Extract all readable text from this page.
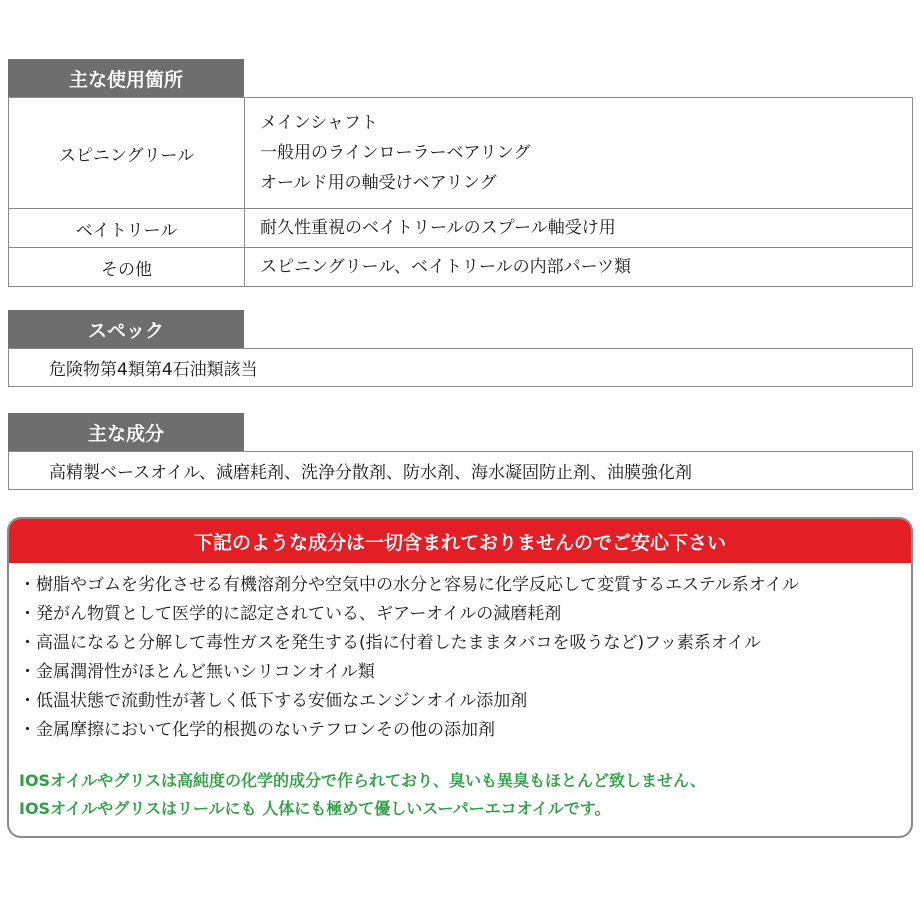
主な使用箇所
スピニングリール	メインシャフト
一般用のラインローラーベアリング
オールド用の軸受けベアリング

ベイトリール	耐久性重視のベイトリールのスプール軸受け用

その他	スピニングリール、ベイトリールの内部パーツ類
スペック
危険物第4類第4石油類該当
主な成分
高精製ベースオイル、減磨耗剤、洗浄分散剤、防水剤、海水凝固防止剤、油膜強化剤
下記のような成分は一切含まれておりませんのでご安心下さい
・樹脂やゴムを劣化させる有機溶剤分や空気中の水分と容易に化学反応して変質するエステル系オイル
・発がん物質として医学的に認定されている、ギアーオイルの減磨耗剤
・高温になると分解して毒性ガスを発生する(指に付着したままタバコを吸うなど)フッ素系オイル
・金属潤滑性がほとんど無いシリコンオイル類
・低温状態で流動性が著しく低下する安価なエンジンオイル添加剤
・金属摩擦において化学的根拠のないテフロンその他の添加剤

IOSオイルやグリスは高純度の化学的成分で作られており、臭いも異臭もほとんど致しません、

IOSオイルやグリスはリールにも 人体にも極めて優しいスーパーエコオイルです。
